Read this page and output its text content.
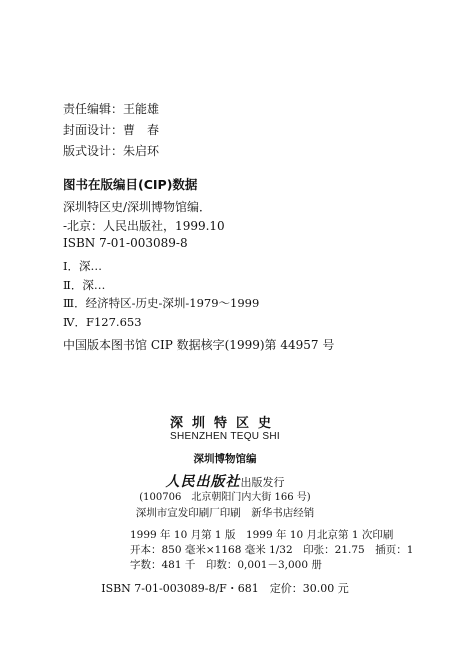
责任编辑：王能雄
封面设计：曹　春
版式设计：朱启环
图书在版编目(CIP)数据
深圳特区史/深圳博物馆编．
-北京：人民出版社，1999.10
ISBN 7-01-003089-8
Ⅰ．深…
Ⅱ．深…
Ⅲ．经济特区-历史-深圳-1979～1999
Ⅳ．F127.653
中国版本图书馆 CIP 数据核字(1999)第 44957 号
深圳特区史
SHENZHEN TEQU SHI
深圳博物馆编
人民出版社出版发行
(100706　北京朝阳门内大街 166 号)
深圳市宣发印刷厂印刷　新华书店经销
1999 年 10 月第 1 版　1999 年 10 月北京第 1 次印刷
开本：850 毫米×1168 毫米 1/32　印张：21.75　插页：1
字数：481 千　印数：0,001－3,000 册
ISBN 7-01-003089-8/F・681　定价：30.00 元
